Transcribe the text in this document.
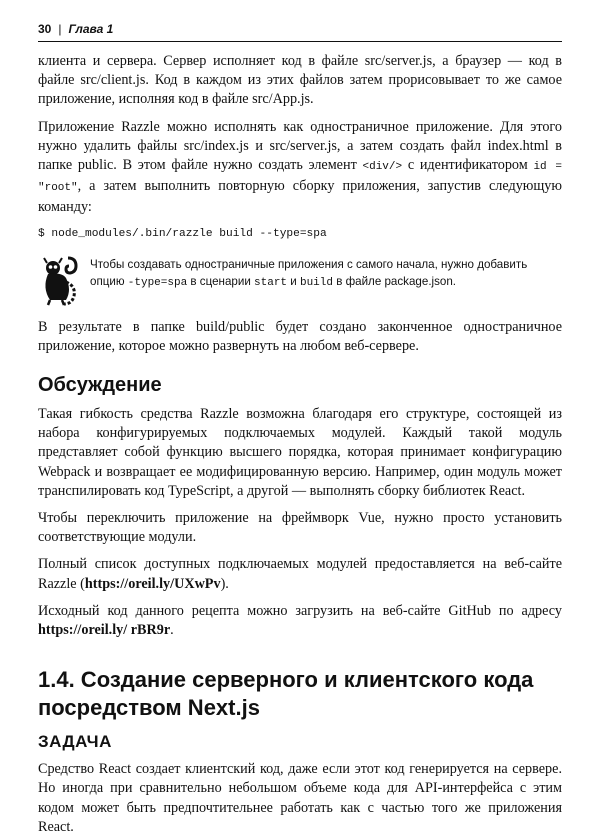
30 | Глава 1

клиента и сервера. Сервер исполняет код в файле src/server.js, а браузер — код в файле src/client.js. Код в каждом из этих файлов затем прорисовывает то же самое приложение, исполняя код в файле src/App.js.

Приложение Razzle можно исполнять как одностраничное приложение. Для этого нужно удалить файлы src/index.js и src/server.js, а затем создать файл index.html в папке public. В этом файле нужно создать элемент <div/> с идентификатором id = "root", а затем выполнить повторную сборку приложения, запустив следующую команду:

$ node_modules/.bin/razzle build --type=spa
Чтобы создавать одностраничные приложения с самого начала, нужно добавить опцию -type=spa в сценарии start и build в файле package.json.

В результате в папке build/public будет создано законченное одностраничное приложение, которое можно развернуть на любом веб-сервере.

Обсуждение

Такая гибкость средства Razzle возможна благодаря его структуре, состоящей из набора конфигурируемых подключаемых модулей. Каждый такой модуль представляет собой функцию высшего порядка, которая принимает конфигурацию Webpack и возвращает ее модифицированную версию. Например, один модуль может транспилировать код TypeScript, а другой — выполнять сборку библиотек React.

Чтобы переключить приложение на фреймворк Vue, нужно просто установить соответствующие модули.

Полный список доступных подключаемых модулей предоставляется на веб-сайте Razzle (https://oreil.ly/UXwPv).

Исходный код данного рецепта можно загрузить на веб-сайте GitHub по адресу https://oreil.ly/ rBR9r.

1.4. Создание серверного и клиентского кода посредством Next.js
ЗАДАЧА

Средство React создает клиентский код, даже если этот код генерируется на сервере. Но иногда при сравнительно небольшом объеме кода для API-интерфейса с этим кодом может быть предпочтительнее работать как с частью того же приложения React.
